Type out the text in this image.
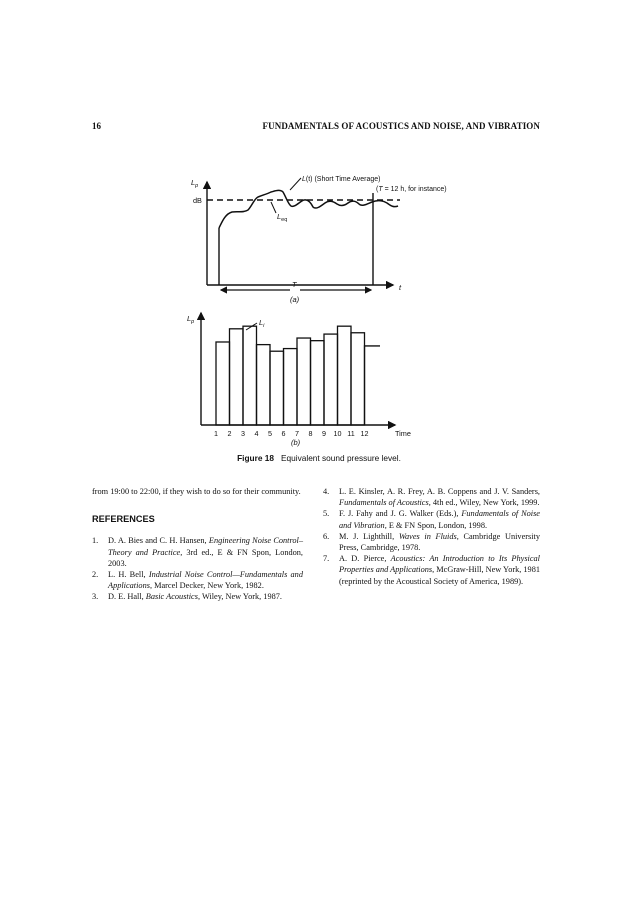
16	FUNDAMENTALS OF ACOUSTICS AND NOISE, AND VIBRATION
$L_p$
dB
L(t) (Short Time Average)
(T = 12 h, for instance)
$L_{eq}$
T	t
(a)
$L_p$
1 2 3 4 5 6 7 8 9 10 11 12
$L_i$
Time
(b)
Figure 18 Equivalent sound pressure level.

from 19:00 to 22:00, if they wish to do so for their community.

REFERENCES
1. D. A. Bies and C. H. Hansen, Engineering Noise Control–Theory and Practice, 3rd ed., E & FN Spon, London, 2003.
2. L. H. Bell, Industrial Noise Control—Fundamentals and Applications, Marcel Decker, New York, 1982.
3. D. E. Hall, Basic Acoustics, Wiley, New York, 1987.
4. L. E. Kinsler, A. R. Frey, A. B. Coppens and J. V. Sanders, Fundamentals of Acoustics, 4th ed., Wiley, New York, 1999.
5. F. J. Fahy and J. G. Walker (Eds.), Fundamentals of Noise and Vibration, E & FN Spon, London, 1998.
6. M. J. Lighthill, Waves in Fluids, Cambridge University Press, Cambridge, 1978.
7. A. D. Pierce, Acoustics: An Introduction to Its Physical Properties and Applications, McGraw-Hill, New York, 1981 (reprinted by the Acoustical Society of America, 1989).
